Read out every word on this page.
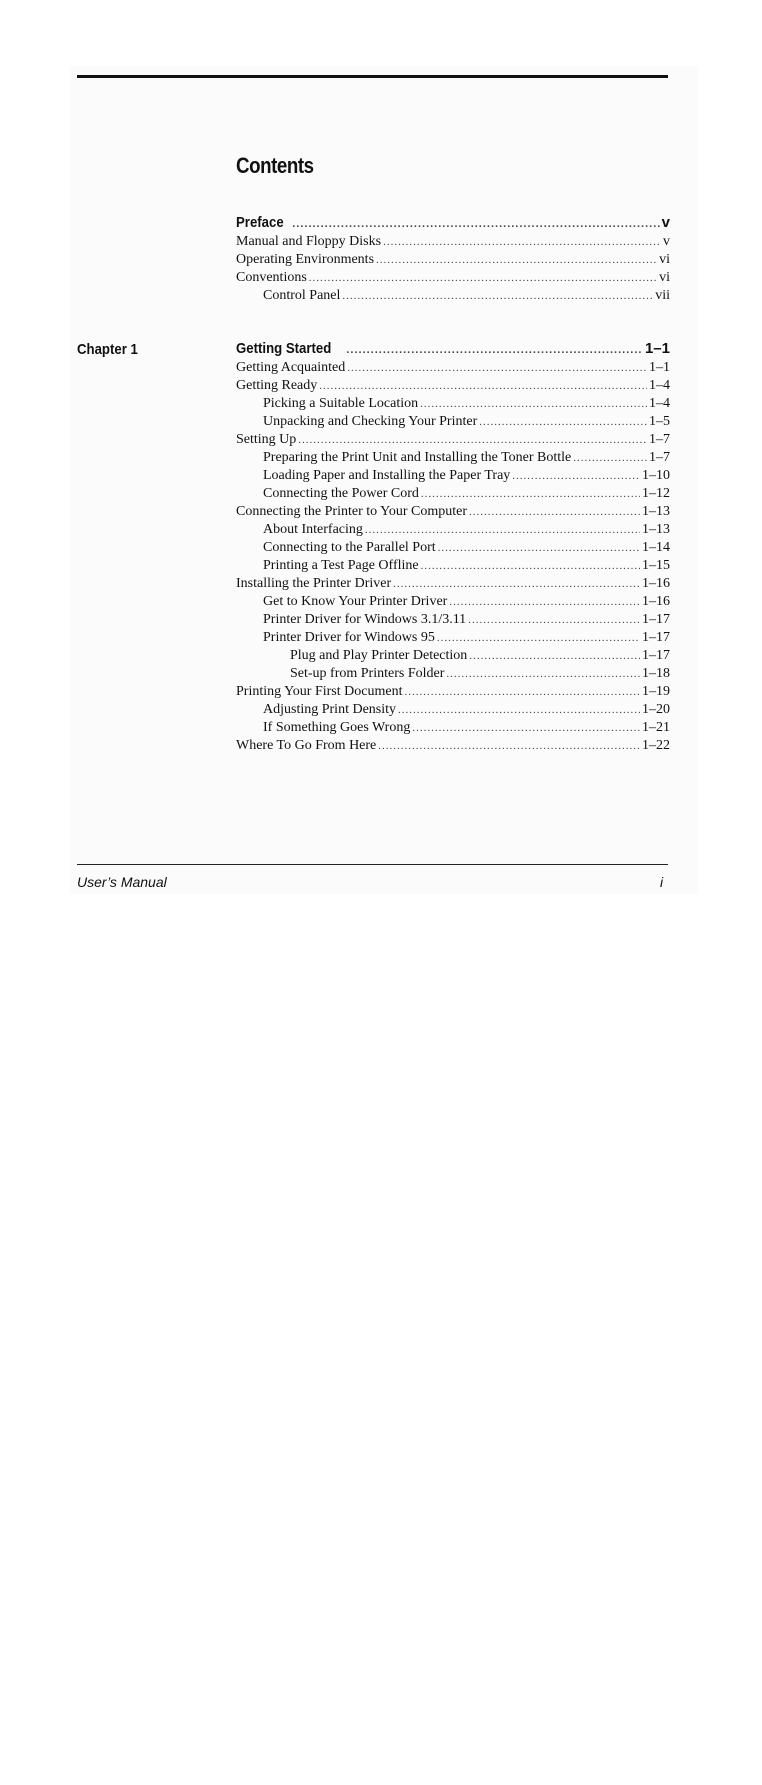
Contents
Preface .....	v
Manual and Floppy Disks .....	v
Operating Environments .....	vi
Conventions .....	vi
Control Panel .....	vii
Chapter 1	Getting Started .....	1–1
Getting Acquainted .....	1–1
Getting Ready .....	1–4
Picking a Suitable Location .....	1–4
Unpacking and Checking Your Printer .....	1–5
Setting Up .....	1–7
Preparing the Print Unit and Installing the Toner Bottle .....	1–7
Loading Paper and Installing the Paper Tray .....	1–10
Connecting the Power Cord .....	1–12
Connecting the Printer to Your Computer .....	1–13
About Interfacing .....	1–13
Connecting to the Parallel Port .....	1–14
Printing a Test Page Offline .....	1–15
Installing the Printer Driver .....	1–16
Get to Know Your Printer Driver .....	1–16
Printer Driver for Windows 3.1/3.11 .....	1–17
Printer Driver for Windows 95 .....	1–17
Plug and Play Printer Detection .....	1–17
Set-up from Printers Folder .....	1–18
Printing Your First Document .....	1–19
Adjusting Print Density .....	1–20
If Something Goes Wrong .....	1–21
Where To Go From Here .....	1–22
User’s Manual	i
